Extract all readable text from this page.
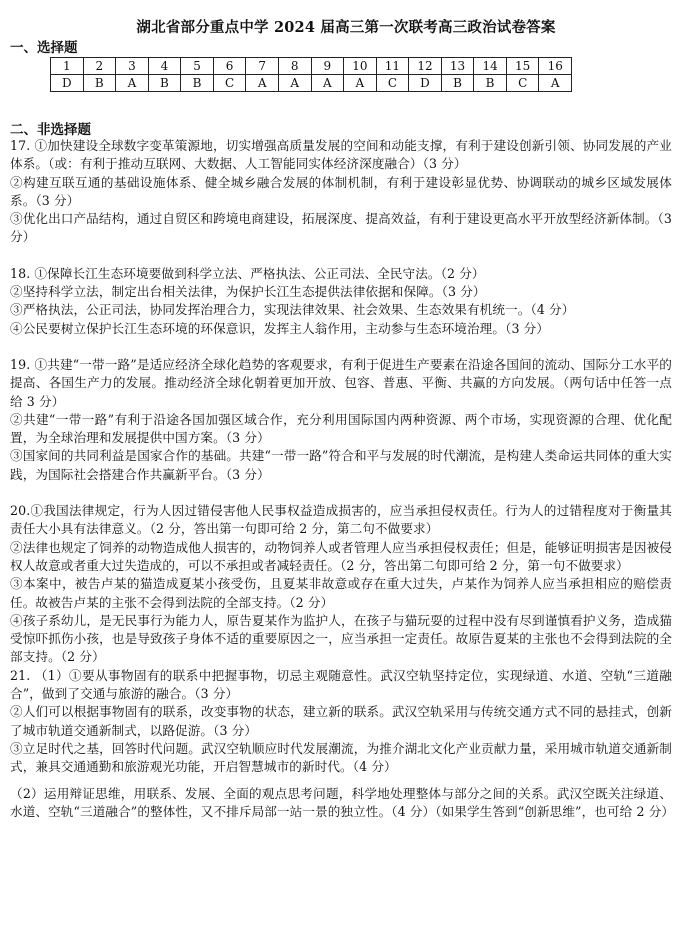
湖北省部分重点中学 2024 届高三第一次联考高三政治试卷答案
一、选择题
1	2	3	4	5	6	7	8	9	10	11	12	13	14	15	16
D	B	A	B	B	C	A	A	A	A	C	D	B	B	C	A
二、非选择题

17. ①加快建设全球数字变革策源地，切实增强高质量发展的空间和动能支撑，有利于建设创新引领、协同发展的产业体系。（或：有利于推动互联网、大数据、人工智能同实体经济深度融合）（3 分）

②构建互联互通的基础设施体系、健全城乡融合发展的体制机制，有利于建设彰显优势、协调联动的城乡区域发展体系。（3 分）

③优化出口产品结构，通过自贸区和跨境电商建设，拓展深度、提高效益，有利于建设更高水平开放型经济新体制。（3 分）

18. ①保障长江生态环境要做到科学立法、严格执法、公正司法、全民守法。（2 分）

②坚持科学立法，制定出台相关法律，为保护长江生态提供法律依据和保障。（3 分）

③严格执法，公正司法，协同发挥治理合力，实现法律效果、社会效果、生态效果有机统一。（4 分）

④公民要树立保护长江生态环境的环保意识，发挥主人翁作用，主动参与生态环境治理。（3 分）

19. ①共建“一带一路”是适应经济全球化趋势的客观要求，有利于促进生产要素在沿途各国间的流动、国际分工水平的提高、各国生产力的发展。推动经济全球化朝着更加开放、包容、普惠、平衡、共赢的方向发展。（两句话中任答一点给 3 分）

②共建“一带一路”有利于沿途各国加强区域合作，充分利用国际国内两种资源、两个市场，实现资源的合理、优化配置，为全球治理和发展提供中国方案。（3 分）

③国家间的共同利益是国家合作的基础。共建“一带一路”符合和平与发展的时代潮流，是构建人类命运共同体的重大实践，为国际社会搭建合作共赢新平台。（3 分）

20.①我国法律规定，行为人因过错侵害他人民事权益造成损害的，应当承担侵权责任。行为人的过错程度对于衡量其责任大小具有法律意义。（2 分，答出第一句即可给 2 分，第二句不做要求）

②法律也规定了饲养的动物造成他人损害的，动物饲养人或者管理人应当承担侵权责任；但是，能够证明损害是因被侵权人故意或者重大过失造成的，可以不承担或者减轻责任。（2 分，答出第二句即可给 2 分，第一句不做要求）

③本案中，被告卢某的猫造成夏某小孩受伤，且夏某非故意或存在重大过失，卢某作为饲养人应当承担相应的赔偿责任。故被告卢某的主张不会得到法院的全部支持。（2 分）

④孩子系幼儿，是无民事行为能力人，原告夏某作为监护人，在孩子与猫玩耍的过程中没有尽到谨慎看护义务，造成猫受惊吓抓伤小孩，也是导致孩子身体不适的重要原因之一，应当承担一定责任。故原告夏某的主张也不会得到法院的全部支持。（2 分）

21. （1）①要从事物固有的联系中把握事物，切忌主观随意性。武汉空轨坚持定位，实现绿道、水道、空轨“三道融合”，做到了交通与旅游的融合。（3 分）

②人们可以根据事物固有的联系，改变事物的状态，建立新的联系。武汉空轨采用与传统交通方式不同的悬挂式，创新了城市轨道交通新制式，以路促游。（3 分）

③立足时代之基，回答时代问题。武汉空轨顺应时代发展潮流，为推介湖北文化产业贡献力量，采用城市轨道交通新制式，兼具交通通勤和旅游观光功能，开启智慧城市的新时代。（4 分）

（2）运用辩证思维，用联系、发展、全面的观点思考问题，科学地处理整体与部分之间的关系。武汉空既关注绿道、水道、空轨“三道融合”的整体性，又不排斥局部一站一景的独立性。（4 分）（如果学生答到“创新思维”，也可给 2 分）
